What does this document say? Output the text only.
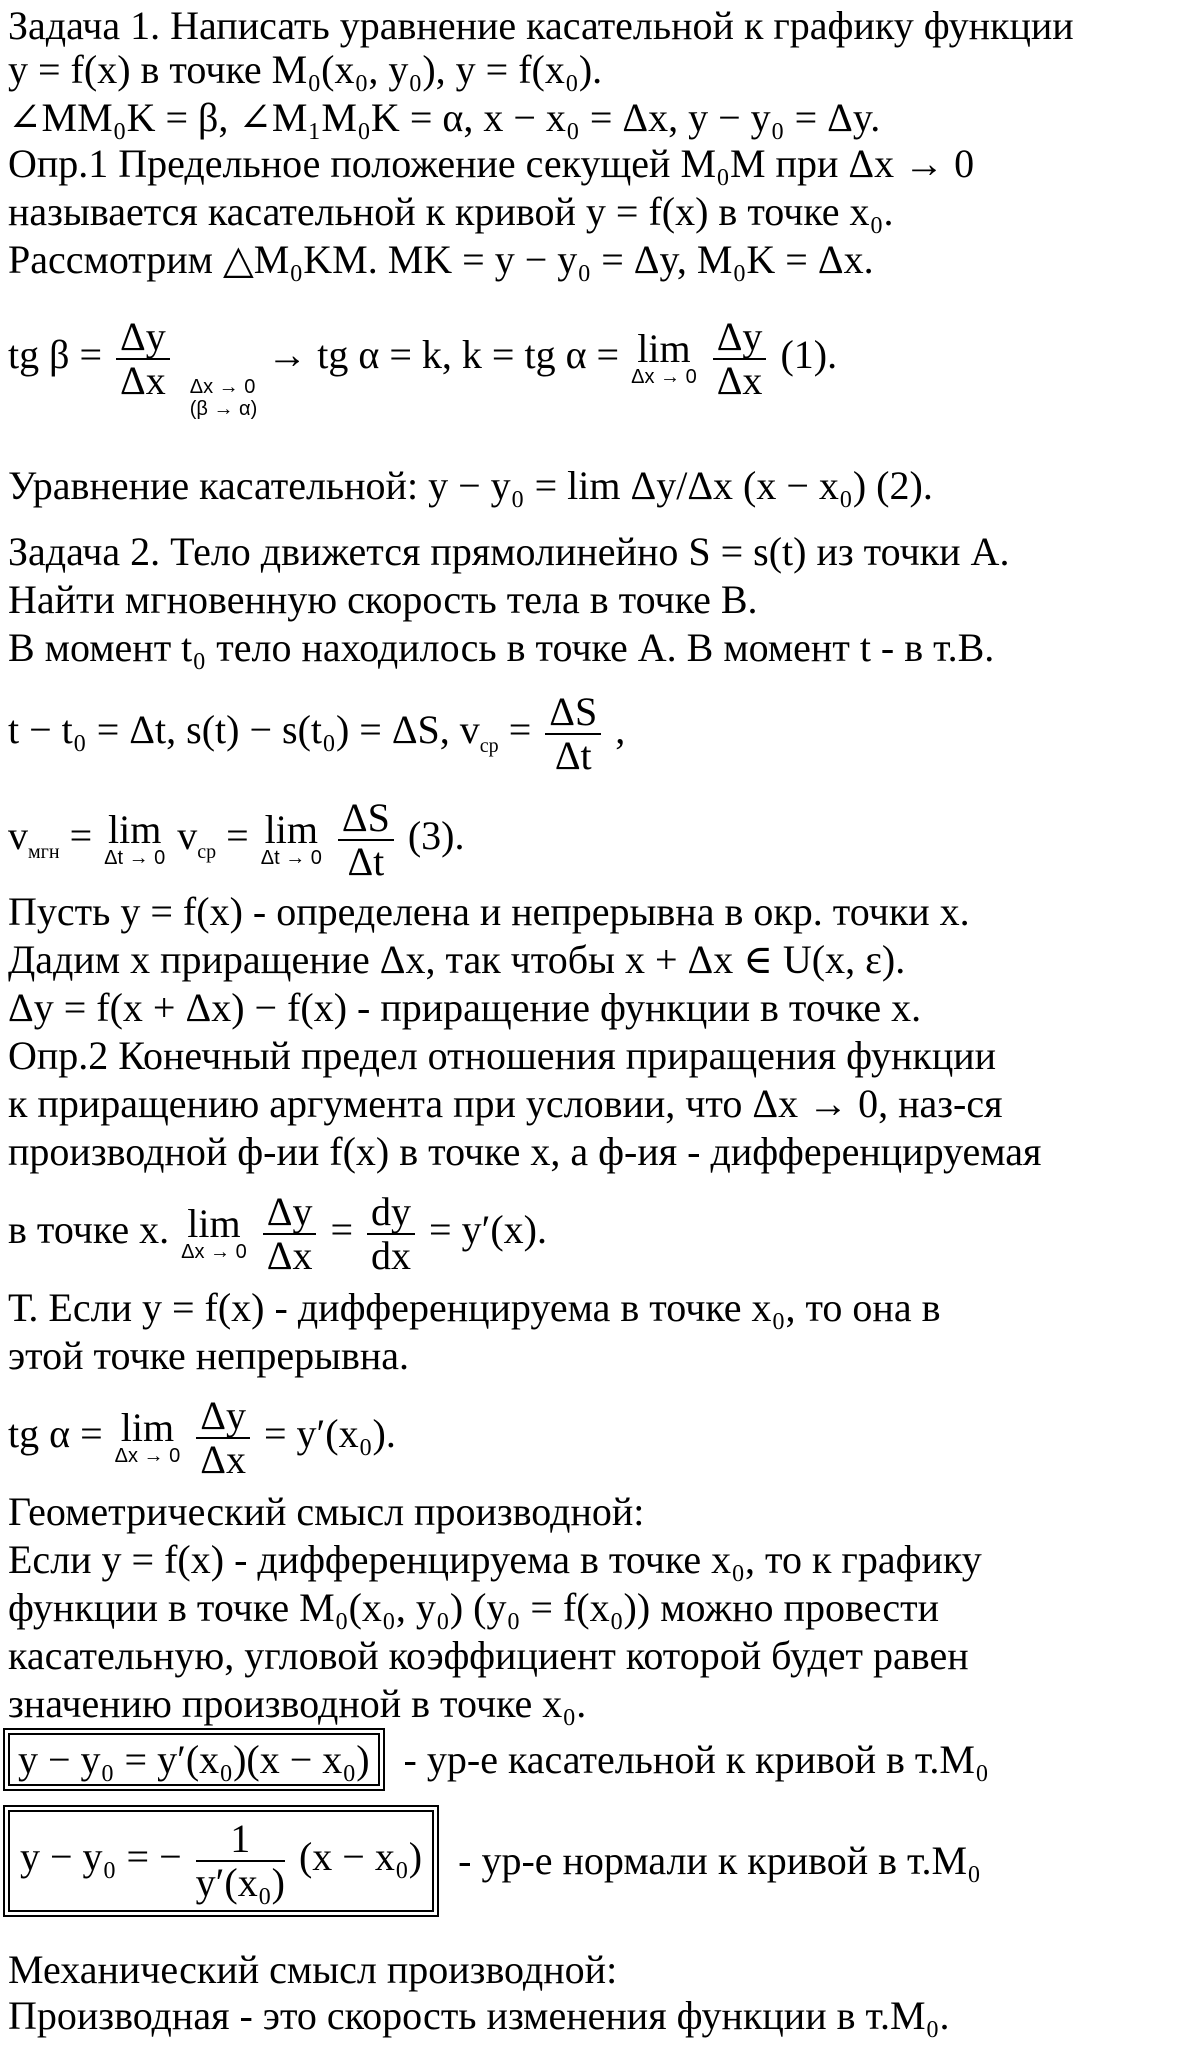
Задача 1. Написать уравнение касательной к графику функции
y = f(x) в точке M₀(x₀, y₀), y = f(x₀).
∠MM₀K = β, ∠M₁M₀K = α, x − x₀ = Δx, y − y₀ = Δy.
Опр.1 Предельное положение секущей M₀M при Δx → 0
называется касательной к кривой y = f(x) в точке x₀.
Рассмотрим △M₀KM. MK = y − y₀ = Δy, M₀K = Δx.
tg $\beta = \frac{\Delta y}{\Delta x}$
Δx → 0
(β → α)
→ tg α = k, k = tg α = lim
Δx → 0
$\frac{\Delta y}{\Delta x} (1)$.
Уравнение касательной: y − y₀ = lim Δy/Δx (x − x₀) (2).
Задача 2. Тело движется прямолинейно S = s(t) из точки A.
Найти мгновенную скорость тела в точке B.
В момент t₀ тело находилось в точке A. В момент t - в т.B.
t − t₀ = Δt, s(t) − s(t₀) = ΔS, $v_{ср} = \frac{\Delta S}{\Delta t}$ ,
$v_{мгн} = \lim$
Δt → 0 $v_{ср} = \lim$
Δt → 0
$\frac{\Delta S}{\Delta t} (3)$.
Пусть y = f(x) - определена и непрерывна в окр. точки x.
Дадим x приращение Δx, так чтобы x + Δx ∈ U(x, ε).
Δy = f(x + Δx) − f(x) - приращение функции в точке x.
Опр.2 Конечный предел отношения приращения функции
к приращению аргумента при условии, что Δx → 0, наз-ся
производной ф-ии f(x) в точке x, а ф-ия - дифференцируемая
в точке x. lim
Δx → 0
$\frac{\Delta y}{\Delta x} = \frac{dy}{dx} = y'(x)$.
Т. Если y = f(x) - дифференцируема в точке x₀, то она в
этой точке непрерывна.
tg α = lim
Δx → 0
$\frac{\Delta y}{\Delta x} = y'(x_0)$.
Геометрический смысл производной:
Если y = f(x) - дифференцируема в точке x₀, то к графику
функции в точке M₀(x₀, y₀) (y₀ = f(x₀)) можно провести
касательную, угловой коэффициент которой будет равен
значению производной в точке x₀.
y − y₀ = y′(x₀)(x − x₀) - ур-е касательной к кривой в т.M₀
y − y₀ = − $\frac{1}{\text{y′(x₀)}} (x - x_0) - ур-е$ нормали к кривой в т.M₀
Механический смысл производной:
Производная - это скорость изменения функции в т.M₀.
